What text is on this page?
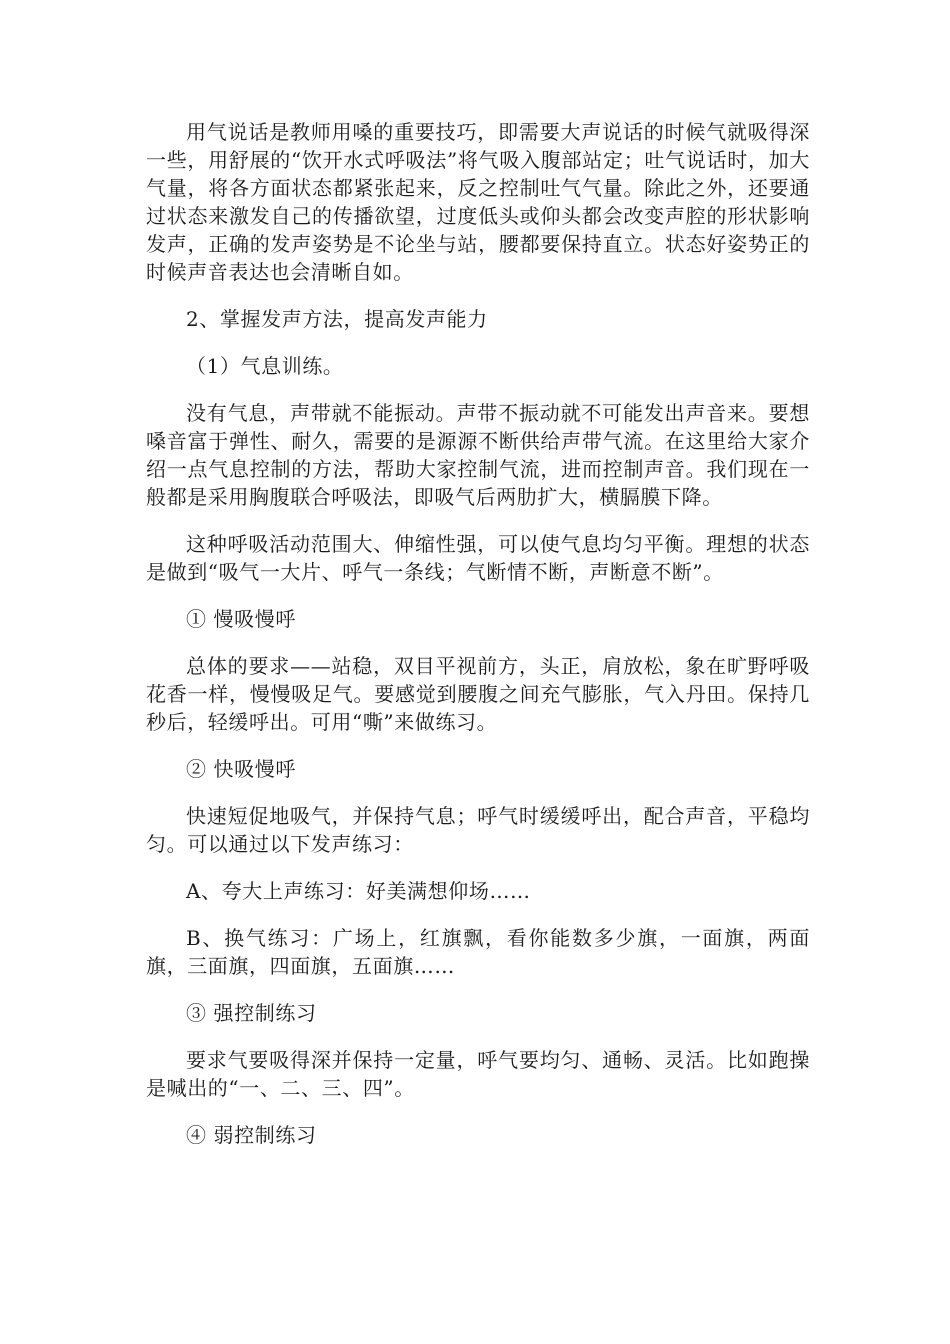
用气说话是教师用嗓的重要技巧，即需要大声说话的时候气就吸得深一些，用舒展的“饮开水式呼吸法”将气吸入腹部站定；吐气说话时，加大气量，将各方面状态都紧张起来，反之控制吐气气量。除此之外，还要通过状态来激发自己的传播欲望，过度低头或仰头都会改变声腔的形状影响发声，正确的发声姿势是不论坐与站，腰都要保持直立。状态好姿势正的时候声音表达也会清晰自如。

2、掌握发声方法，提高发声能力

（1）气息训练。

没有气息，声带就不能振动。声带不振动就不可能发出声音来。要想嗓音富于弹性、耐久，需要的是源源不断供给声带气流。在这里给大家介绍一点气息控制的方法，帮助大家控制气流，进而控制声音。我们现在一般都是采用胸腹联合呼吸法，即吸气后两肋扩大，横膈膜下降。

这种呼吸活动范围大、伸缩性强，可以使气息均匀平衡。理想的状态是做到“吸气一大片、呼气一条线；气断情不断，声断意不断”。

① 慢吸慢呼

总体的要求——站稳，双目平视前方，头正，肩放松，象在旷野呼吸花香一样，慢慢吸足气。要感觉到腰腹之间充气膨胀，气入丹田。保持几秒后，轻缓呼出。可用“嘶”来做练习。

② 快吸慢呼

快速短促地吸气，并保持气息；呼气时缓缓呼出，配合声音，平稳均匀。可以通过以下发声练习：

A、夸大上声练习：好美满想仰场……

B、换气练习：广场上，红旗飘，看你能数多少旗，一面旗，两面旗，三面旗，四面旗，五面旗……

③ 强控制练习

要求气要吸得深并保持一定量，呼气要均匀、通畅、灵活。比如跑操是喊出的“一、二、三、四”。

④ 弱控制练习
